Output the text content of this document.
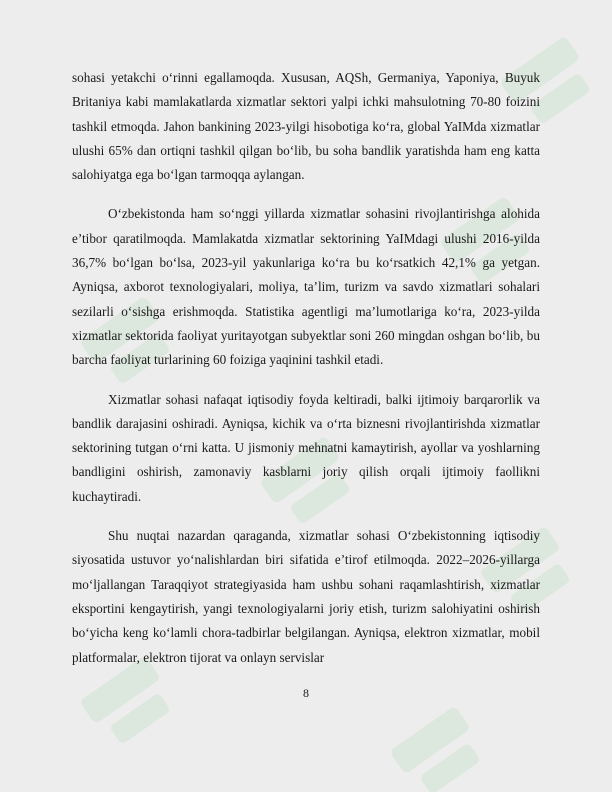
sohasi yetakchi o‘rinni egallamoqda. Xususan, AQSh, Germaniya, Yaponiya, Buyuk Britaniya kabi mamlakatlarda xizmatlar sektori yalpi ichki mahsulotning 70-80 foizini tashkil etmoqda. Jahon bankining 2023-yilgi hisobotiga ko‘ra, global YaIMda xizmatlar ulushi 65% dan ortiqni tashkil qilgan bo‘lib, bu soha bandlik yaratishda ham eng katta salohiyatga ega bo‘lgan tarmoqqa aylangan.

O‘zbekistonda ham so‘nggi yillarda xizmatlar sohasini rivojlantirishga alohida e’tibor qaratilmoqda. Mamlakatda xizmatlar sektorining YaIMdagi ulushi 2016-yilda 36,7% bo‘lgan bo‘lsa, 2023-yil yakunlariga ko‘ra bu ko‘rsatkich 42,1% ga yetgan. Ayniqsa, axborot texnologiyalari, moliya, ta’lim, turizm va savdo xizmatlari sohalari sezilarli o‘sishga erishmoqda. Statistika agentligi ma’lumotlariga ko‘ra, 2023-yilda xizmatlar sektorida faoliyat yuritayotgan subyektlar soni 260 mingdan oshgan bo‘lib, bu barcha faoliyat turlarining 60 foiziga yaqinini tashkil etadi.

Xizmatlar sohasi nafaqat iqtisodiy foyda keltiradi, balki ijtimoiy barqarorlik va bandlik darajasini oshiradi. Ayniqsa, kichik va o‘rta biznesni rivojlantirishda xizmatlar sektorining tutgan o‘rni katta. U jismoniy mehnatni kamaytirish, ayollar va yoshlarning bandligini oshirish, zamonaviy kasblarni joriy qilish orqali ijtimoiy faollikni kuchaytiradi.

Shu nuqtai nazardan qaraganda, xizmatlar sohasi O‘zbekistonning iqtisodiy siyosatida ustuvor yo‘nalishlardan biri sifatida e’tirof etilmoqda. 2022–2026-yillarga mo‘ljallangan Taraqqiyot strategiyasida ham ushbu sohani raqamlashtirish, xizmatlar eksportini kengaytirish, yangi texnologiyalarni joriy etish, turizm salohiyatini oshirish bo‘yicha keng ko‘lamli chora-tadbirlar belgilangan. Ayniqsa, elektron xizmatlar, mobil platformalar, elektron tijorat va onlayn servislar

8
